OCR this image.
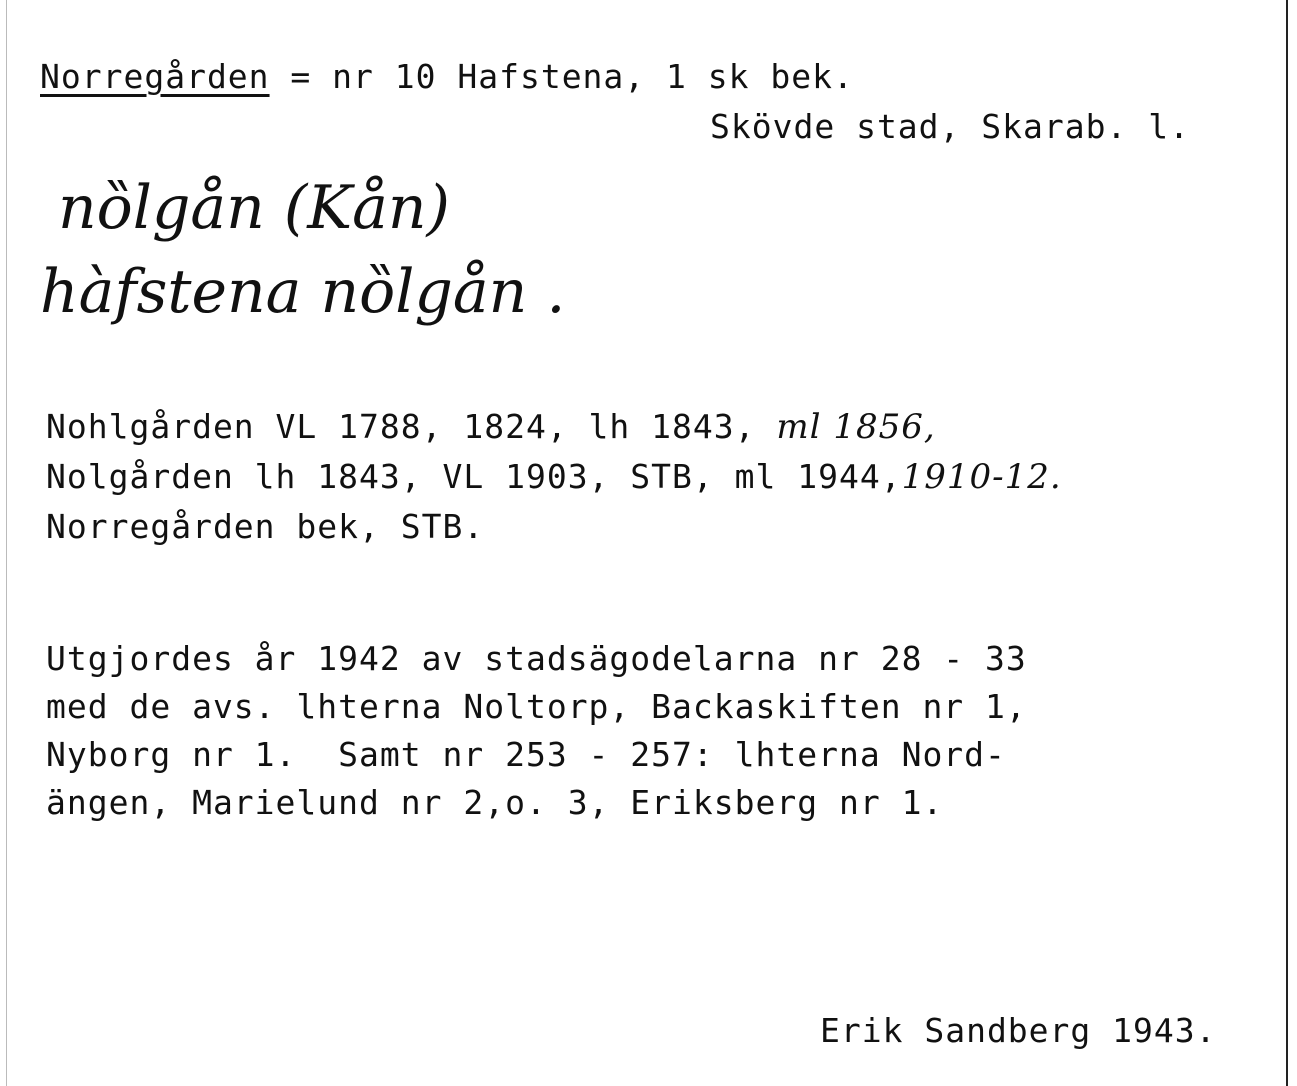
Norregården = nr 10 Hafstena, 1 sk bek.
Skövde stad, Skarab. l.
nȍlgån (Kån)
hàfstena nȍlgån .
Nohlgården VL 1788, 1824, lh 1843, ml 1856,
Nolgården lh 1843, VL 1903, STB, ml 1944,1910-12.
Norregården bek, STB.
Utgjordes år 1942 av stadsägodelarna nr 28 - 33
med de avs. lhterna Noltorp, Backaskiften nr 1,
Nyborg nr 1.  Samt nr 253 - 257: lhterna Nord-
ängen, Marielund nr 2,o. 3, Eriksberg nr 1.
Erik Sandberg 1943.
